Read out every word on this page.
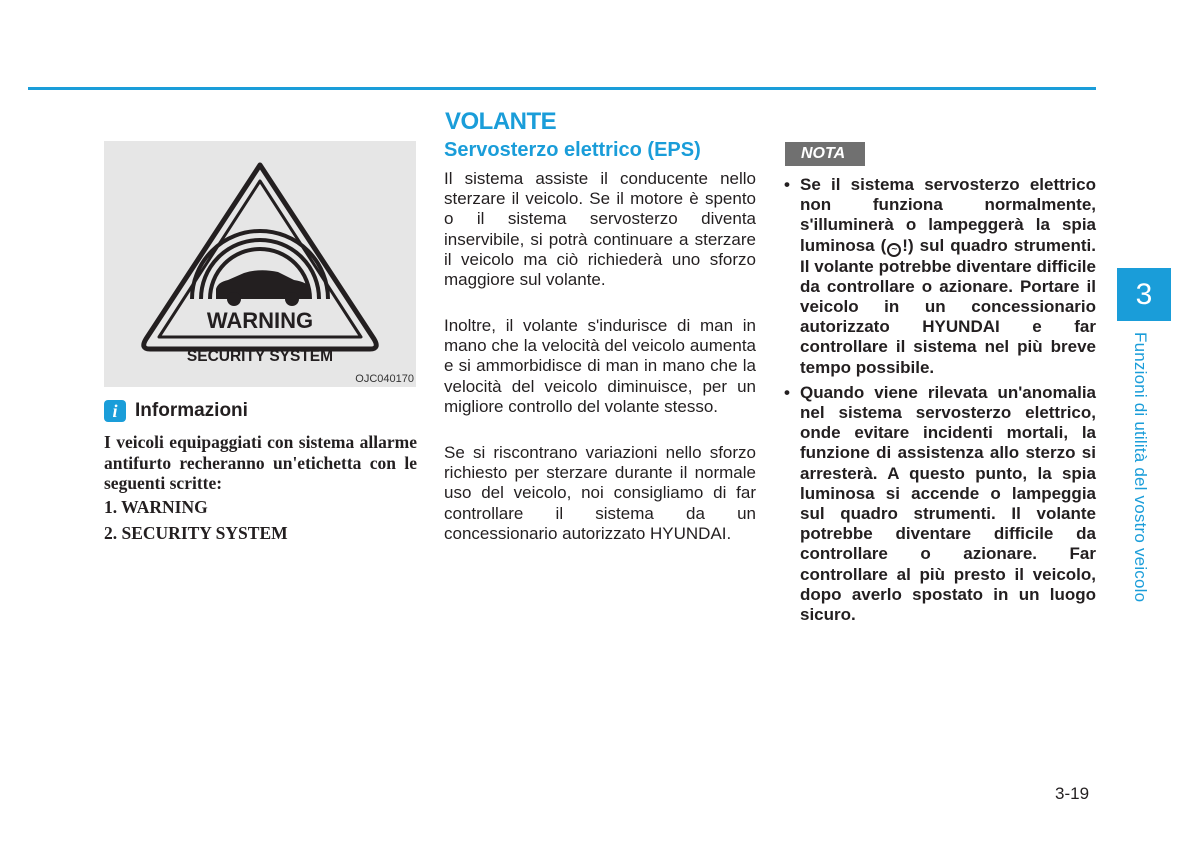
WARNING
SECURITY SYSTEM
OJC040170
i Informazioni

I veicoli equipaggiati con sistema allarme antifurto recheranno un'etichetta con le seguenti scritte:

1. WARNING
2. SECURITY SYSTEM
VOLANTE
Servosterzo elettrico (EPS)

Il sistema assiste il conducente nello sterzare il veicolo. Se il motore è spento o il sistema servosterzo diventa inservibile, si potrà continuare a sterzare il veicolo ma ciò richiederà uno sforzo maggiore sul volante.

Inoltre, il volante s'indurisce di man in mano che la velocità del veicolo aumenta e si ammorbidisce di man in mano che la velocità del veicolo diminuisce, per un migliore controllo del volante stesso.

Se si riscontrano variazioni nello sforzo richiesto per sterzare durante il normale uso del veicolo, noi consigliamo di far controllare il sistema da un concessionario autorizzato HYUNDAI.

NOTA
• Se il sistema servosterzo elettrico non funziona normalmente, s'illuminerà o lampeggerà la spia luminosa ( ~ !) sul quadro strumenti. Il volante potrebbe diventare difficile da controllare o azionare. Portare il veicolo in un concessionario autorizzato HYUNDAI e far controllare il sistema nel più breve tempo possibile.
• Quando viene rilevata un'anomalia nel sistema servosterzo elettrico, onde evitare incidenti mortali, la funzione di assistenza allo sterzo si arresterà. A questo punto, la spia luminosa si accende o lampeggia sul quadro strumenti. Il volante potrebbe diventare difficile da controllare o azionare. Far controllare al più presto il veicolo, dopo averlo spostato in un luogo sicuro.
3
Funzioni di utilità del vostro veicolo
3-19
